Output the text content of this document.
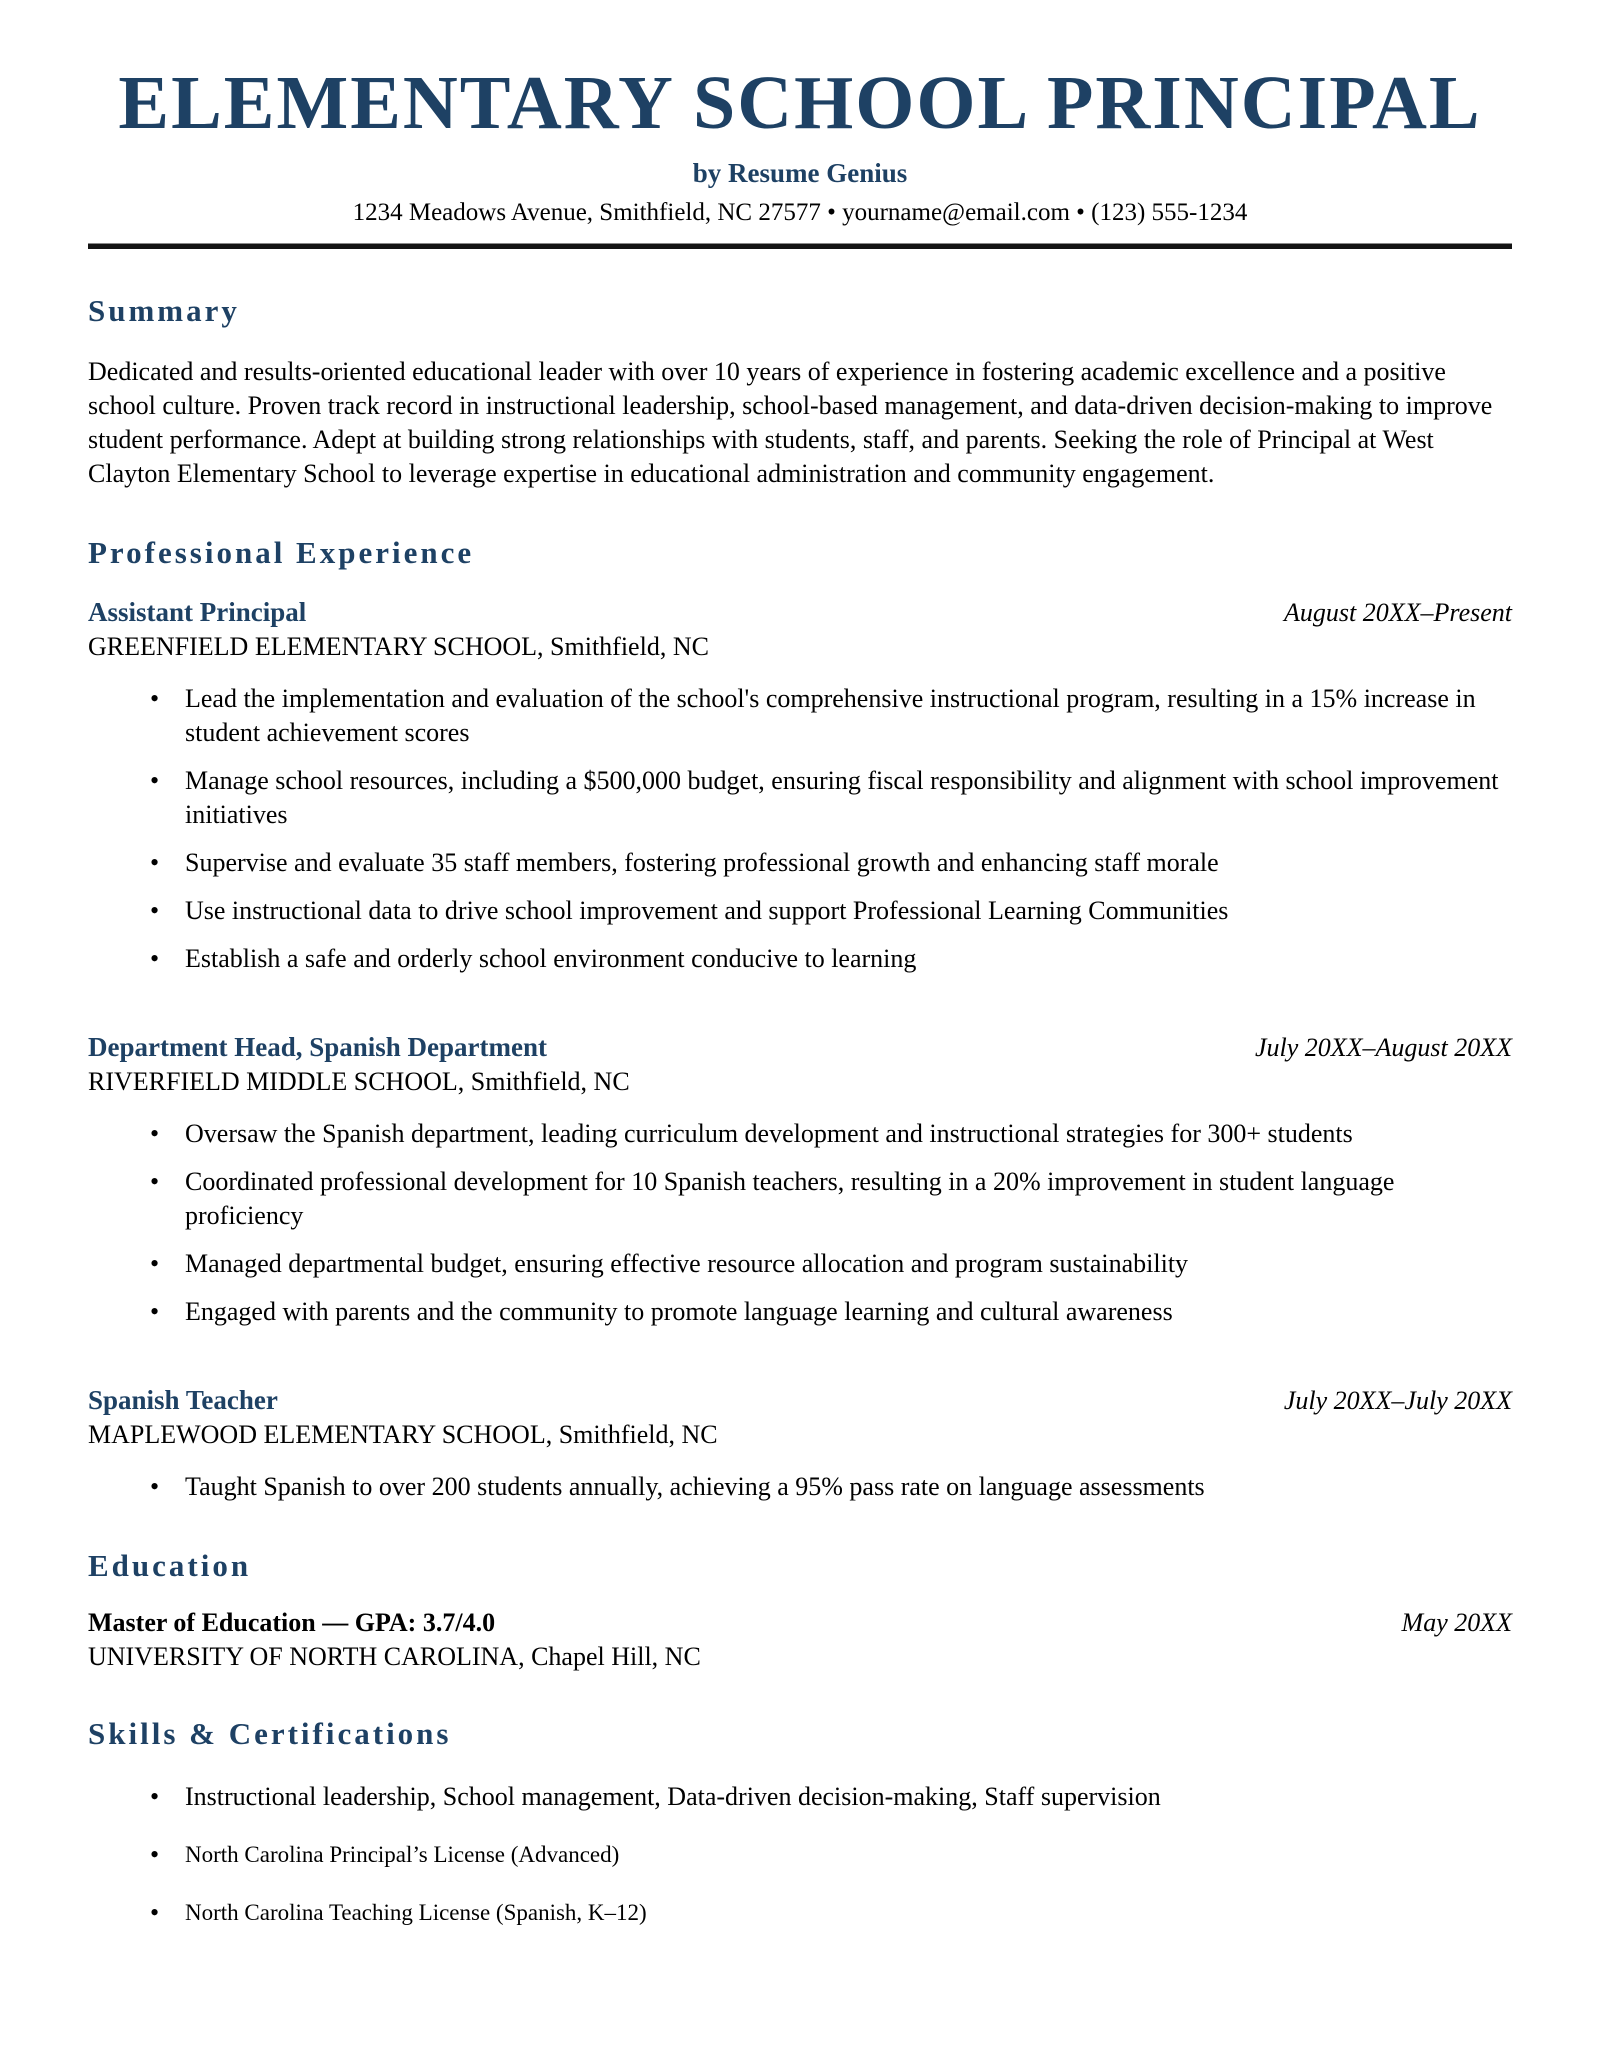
ELEMENTARY SCHOOL PRINCIPAL
by Resume Genius
1234 Meadows Avenue, Smithfield, NC 27577 • yourname@email.com • (123) 555-1234
Summary

Dedicated and results-oriented educational leader with over 10 years of experience in fostering academic excellence and a positive school culture. Proven track record in instructional leadership, school-based management, and data-driven decision-making to improve student performance. Adept at building strong relationships with students, staff, and parents. Seeking the role of Principal at West Clayton Elementary School to leverage expertise in educational administration and community engagement.

Professional Experience
Assistant Principal	August 20XX–Present
GREENFIELD ELEMENTARY SCHOOL, Smithfield, NC
• Lead the implementation and evaluation of the school's comprehensive instructional program, resulting in a 15% increase in student achievement scores
• Manage school resources, including a $500,000 budget, ensuring fiscal responsibility and alignment with school improvement initiatives
• Supervise and evaluate 35 staff members, fostering professional growth and enhancing staff morale
• Use instructional data to drive school improvement and support Professional Learning Communities
• Establish a safe and orderly school environment conducive to learning
Department Head, Spanish Department	July 20XX–August 20XX
RIVERFIELD MIDDLE SCHOOL, Smithfield, NC
• Oversaw the Spanish department, leading curriculum development and instructional strategies for 300+ students
• Coordinated professional development for 10 Spanish teachers, resulting in a 20% improvement in student language proficiency
• Managed departmental budget, ensuring effective resource allocation and program sustainability
• Engaged with parents and the community to promote language learning and cultural awareness
Spanish Teacher	July 20XX–July 20XX
MAPLEWOOD ELEMENTARY SCHOOL, Smithfield, NC
• Taught Spanish to over 200 students annually, achieving a 95% pass rate on language assessments
Education
Master of Education — GPA: 3.7/4.0	May 20XX
UNIVERSITY OF NORTH CAROLINA, Chapel Hill, NC
Skills & Certifications
• Instructional leadership, School management, Data-driven decision-making, Staff supervision
• North Carolina Principal’s License (Advanced)
• North Carolina Teaching License (Spanish, K–12)
